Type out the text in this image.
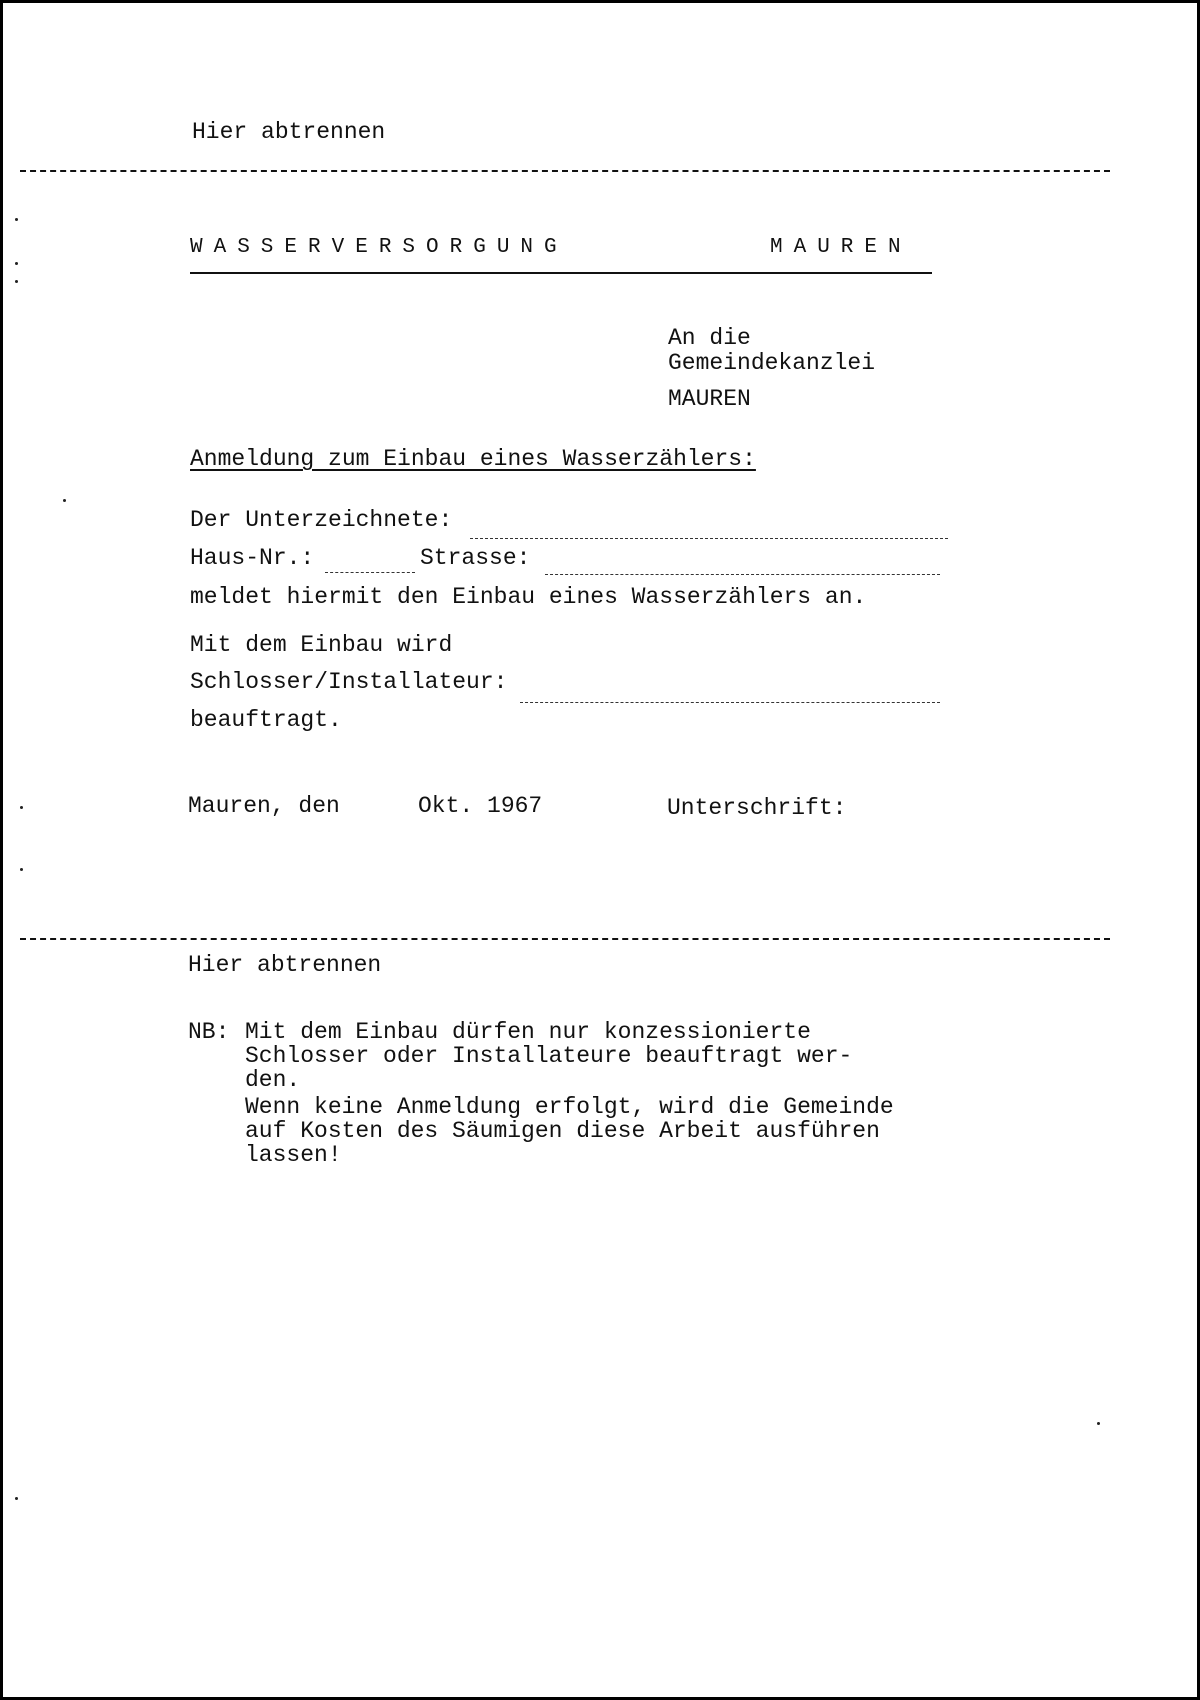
Hier abtrennen
WASSERVERSORGUNG	MAUREN
An die
Gemeindekanzlei
MAUREN
Anmeldung zum Einbau eines Wasserzählers:
Der Unterzeichnete:
Haus-Nr.:	Strasse:
meldet hiermit den Einbau eines Wasserzählers an.
Mit dem Einbau wird
Schlosser/Installateur:
beauftragt.
Mauren, den	Okt. 1967	Unterschrift:
Hier abtrennen
NB: Mit dem Einbau dürfen nur konzessionierte
Schlosser oder Installateure beauftragt wer-
den.
Wenn keine Anmeldung erfolgt, wird die Gemeinde
auf Kosten des Säumigen diese Arbeit ausführen
lassen!
